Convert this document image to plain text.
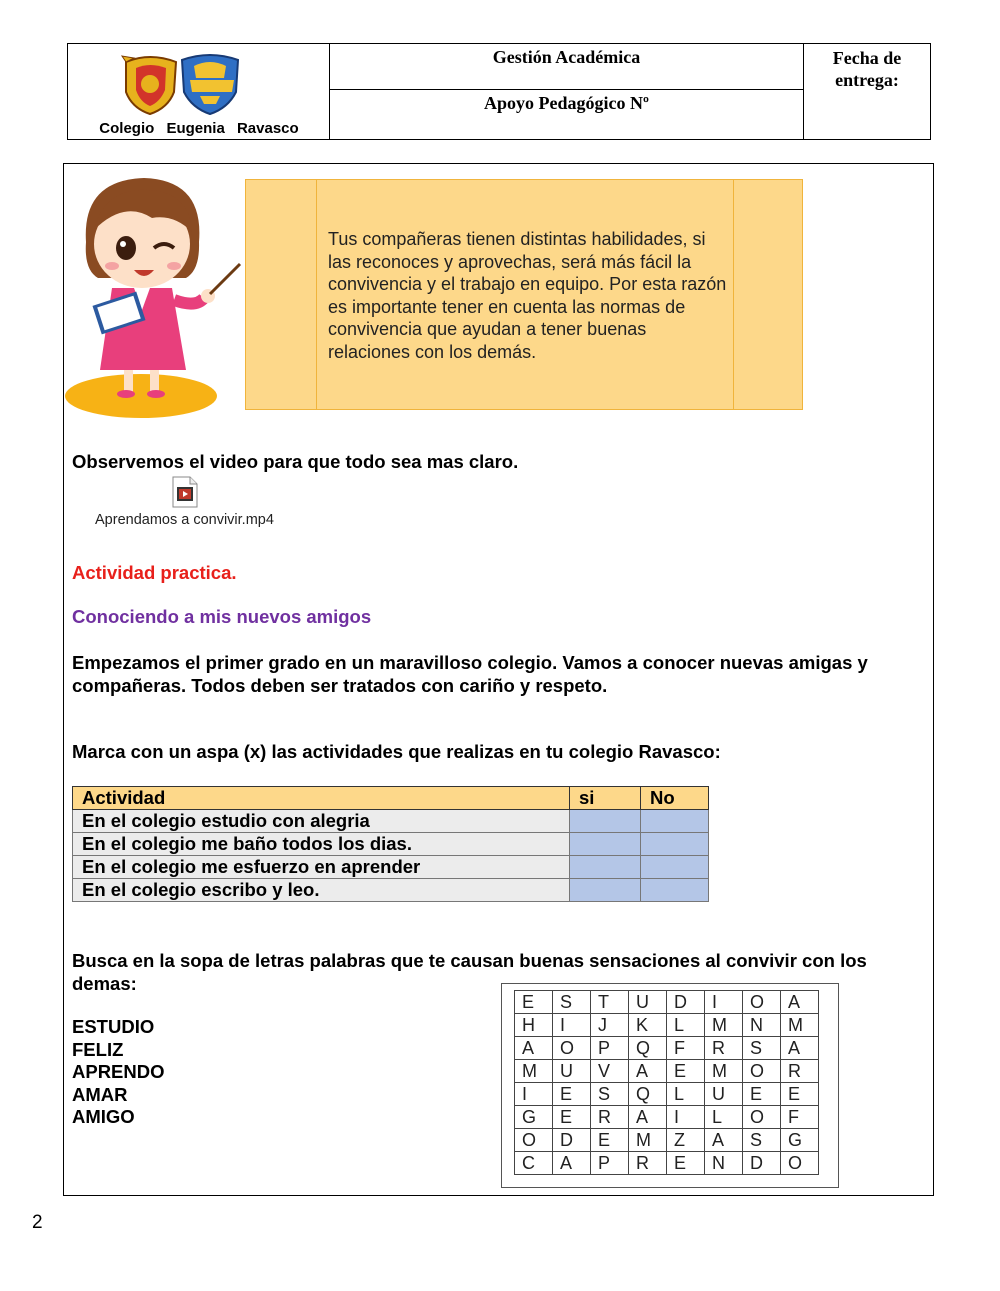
Colegio Eugenia Ravasco
Gestión Académica
Apoyo Pedagógico Nº
Fecha de
entrega:
Tus compañeras tienen distintas habilidades, si las reconoces y aprovechas, será más fácil la convivencia y el trabajo en equipo. Por esta razón es importante tener en cuenta las normas de convivencia que ayudan a tener buenas relaciones con los demás.
Observemos el video para que todo sea mas claro.
Aprendamos a convivir.mp4
Actividad practica.
Conociendo a mis nuevos amigos
Empezamos el primer grado en un maravilloso colegio. Vamos a conocer nuevas amigas y compañeras. Todos deben ser tratados con cariño y respeto.
Marca con un aspa (x) las actividades que realizas en tu colegio Ravasco:
Actividad	si	No
En el colegio estudio con alegria		
En el colegio me baño todos los dias.		
En el colegio me esfuerzo en aprender		
En el colegio escribo y leo.		
Busca en la sopa de letras palabras que te causan buenas sensaciones al convivir con los demas:
ESTUDIO
FELIZ
APRENDO
AMAR
AMIGO
E	S	T	U	D	I	O	A
H	I	J	K	L	M	N	M
A	O	P	Q	F	R	S	A
M	U	V	A	E	M	O	R
I	E	S	Q	L	U	E	E
G	E	R	A	I	L	O	F
O	D	E	M	Z	A	S	G
C	A	P	R	E	N	D	O
2
